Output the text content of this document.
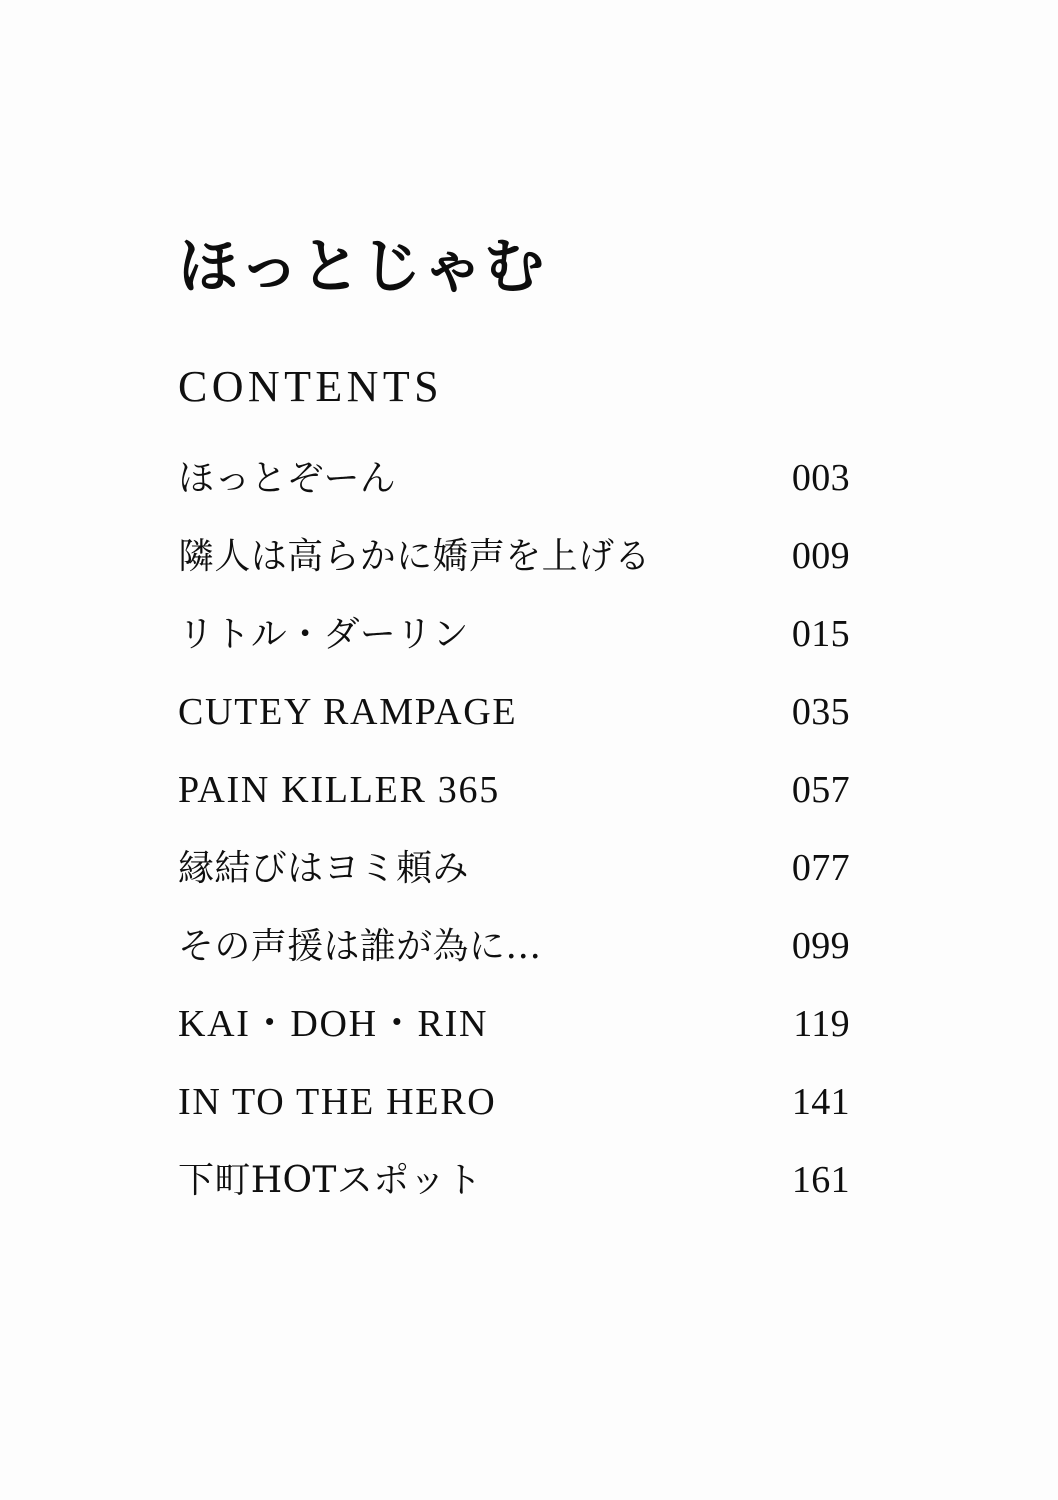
ほっとじゃむ
CONTENTS
ほっとぞーん	003
隣人は高らかに嬌声を上げる	009
リトル・ダーリン	015
CUTEY RAMPAGE	035
PAIN KILLER 365	057
縁結びはヨミ頼み	077
その声援は誰が為に…	099
KAI・DOH・RIN	119
IN TO THE HERO	141
下町HOTスポット	161
